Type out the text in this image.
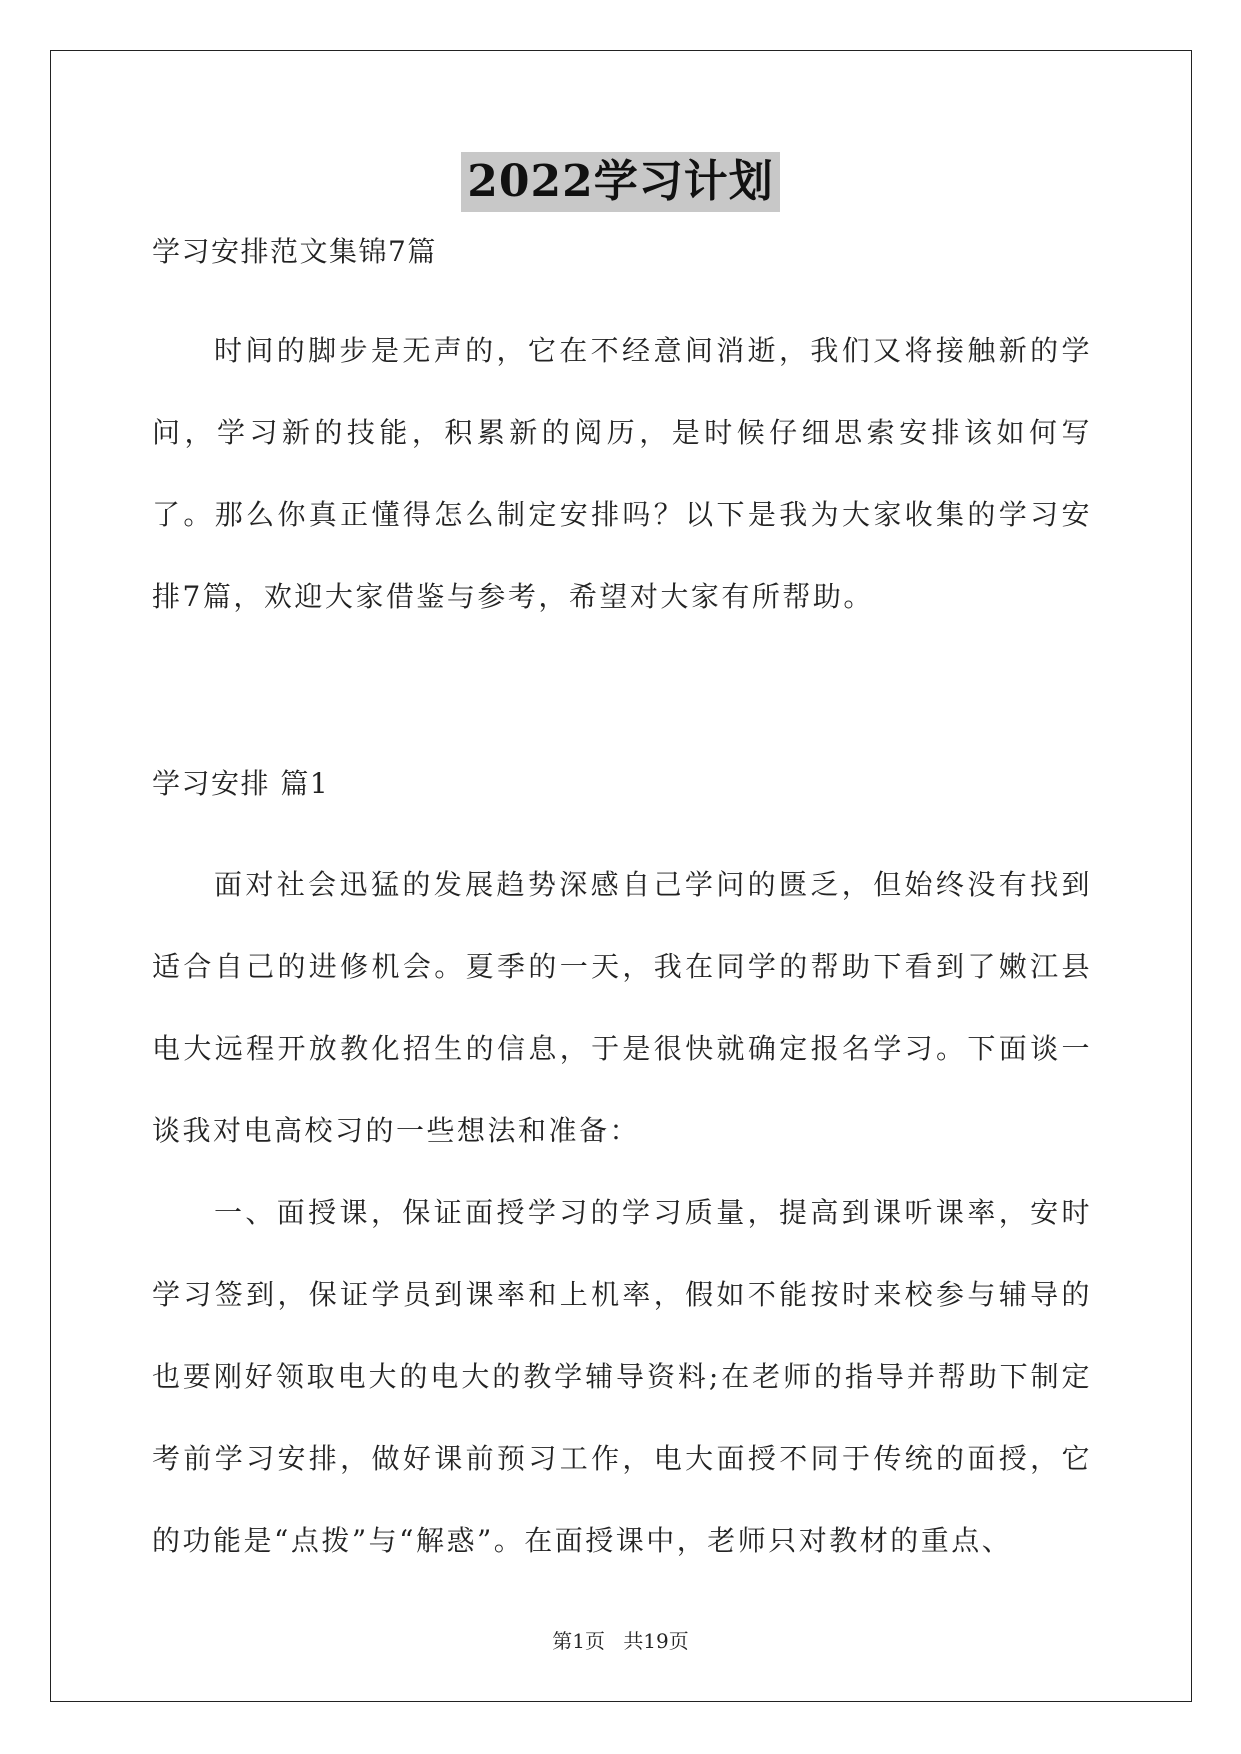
2022学习计划

学习安排范文集锦7篇

时间的脚步是无声的，它在不经意间消逝，我们又将接触新的学问，学习新的技能，积累新的阅历，是时候仔细思索安排该如何写了。那么你真正懂得怎么制定安排吗？以下是我为大家收集的学习安排7篇，欢迎大家借鉴与参考，希望对大家有所帮助。

学习安排 篇1

面对社会迅猛的发展趋势深感自己学问的匮乏，但始终没有找到适合自己的进修机会。夏季的一天，我在同学的帮助下看到了嫩江县电大远程开放教化招生的信息，于是很快就确定报名学习。下面谈一谈我对电高校习的一些想法和准备：

一、面授课，保证面授学习的学习质量，提高到课听课率，安时学习签到，保证学员到课率和上机率，假如不能按时来校参与辅导的也要刚好领取电大的电大的教学辅导资料;在老师的指导并帮助下制定考前学习安排，做好课前预习工作，电大面授不同于传统的面授，它的功能是“点拨”与“解惑”。在面授课中，老师只对教材的重点、

第1页 共19页
